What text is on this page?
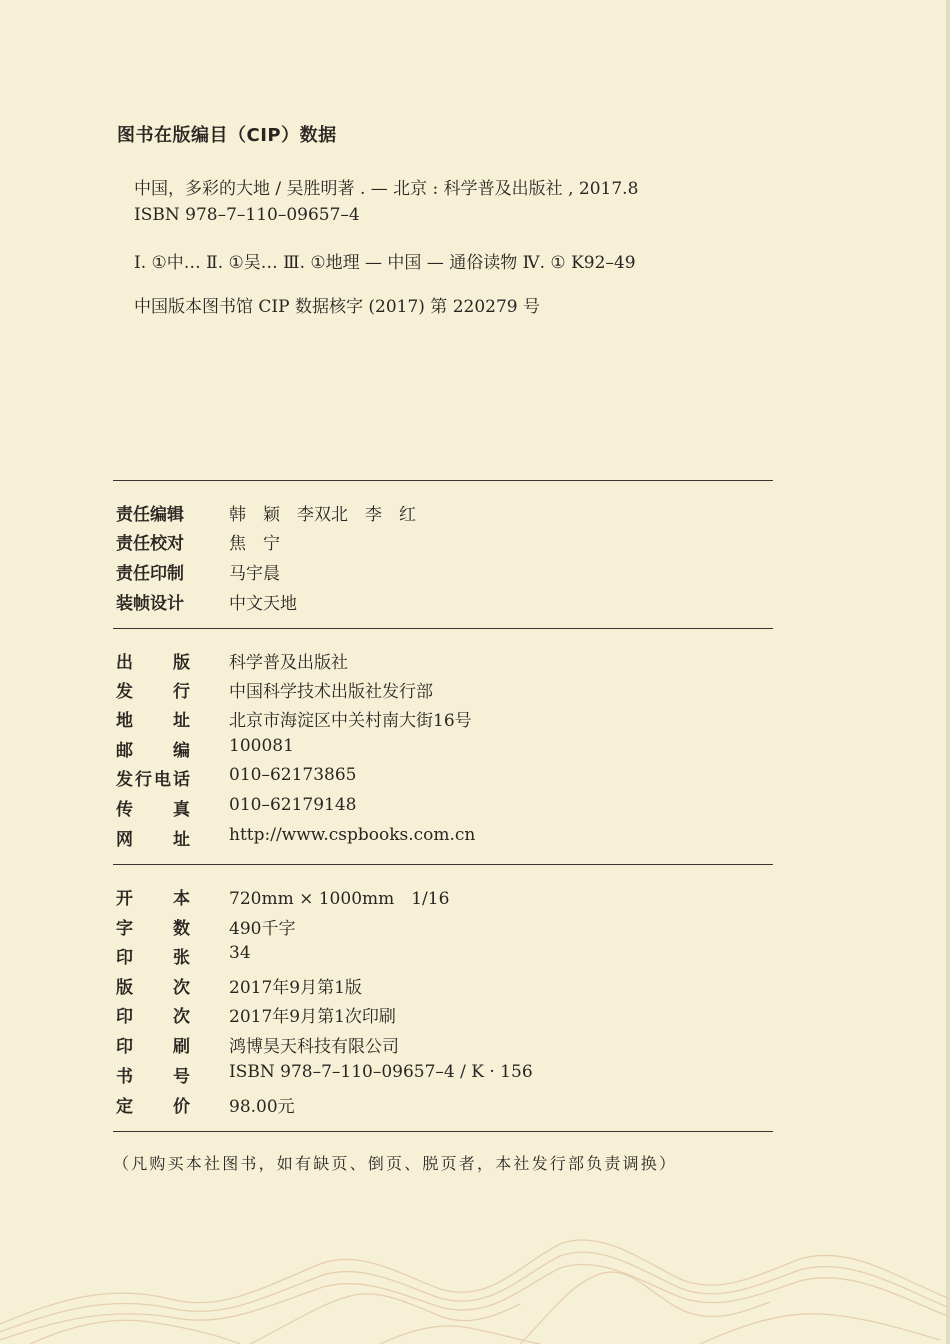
图书在版编目（CIP）数据
中国，多彩的大地 / 吴胜明著 . — 北京 : 科学普及出版社 , 2017.8
ISBN 978–7–110–09657–4
Ⅰ. ①中… Ⅱ. ①吴… Ⅲ. ①地理 — 中国 — 通俗读物 Ⅳ. ① K92–49
中国版本图书馆 CIP 数据核字 (2017) 第 220279 号
责任编辑	韩　颖　李双北　李　红
责任校对	焦　宁
责任印制	马宇晨
装帧设计	中文天地
出　版 科学普及出版社
发　行 中国科学技术出版社发行部
地　址 北京市海淀区中关村南大街16号
邮　编 100081
发行电话 010–62173865
传　真 010–62179148
网　址 http://www.cspbooks.com.cn
开　本 720mm × 1000mm　1/16
字　数 490千字
印　张 34
版　次 2017年9月第1版
印　次 2017年9月第1次印刷
印　刷 鸿博昊天科技有限公司
书　号 ISBN 978–7–110–09657–4 / K · 156
定　价 98.00元
（凡购买本社图书，如有缺页、倒页、脱页者，本社发行部负责调换）
